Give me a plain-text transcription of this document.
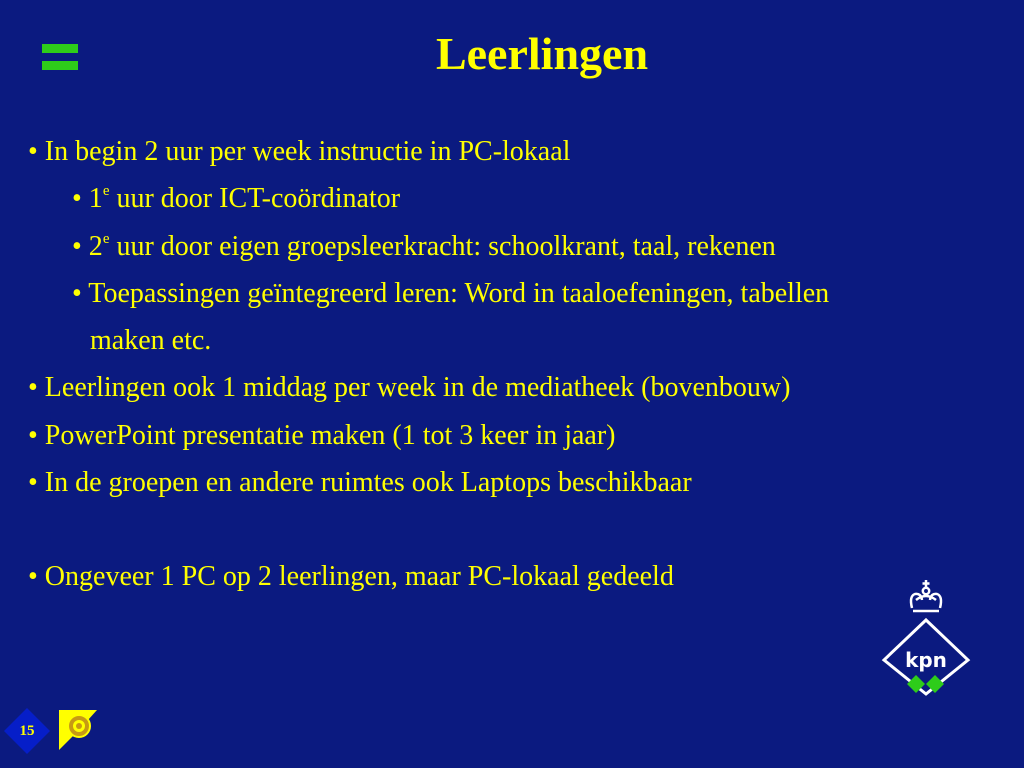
Leerlingen
• In begin 2 uur per week instructie in PC-lokaal
• 1e uur door ICT-coördinator
• 2e uur door eigen groepsleerkracht: schoolkrant, taal, rekenen
• Toepassingen geïntegreerd leren: Word in taaloefeningen, tabellen
maken etc.
• Leerlingen ook 1 middag per week in de mediatheek (bovenbouw)
• PowerPoint presentatie maken (1 tot 3 keer in jaar)
• In de groepen en andere ruimtes ook Laptops beschikbaar
• Ongeveer 1 PC op 2 leerlingen, maar PC-lokaal gedeeld
kpn
15
